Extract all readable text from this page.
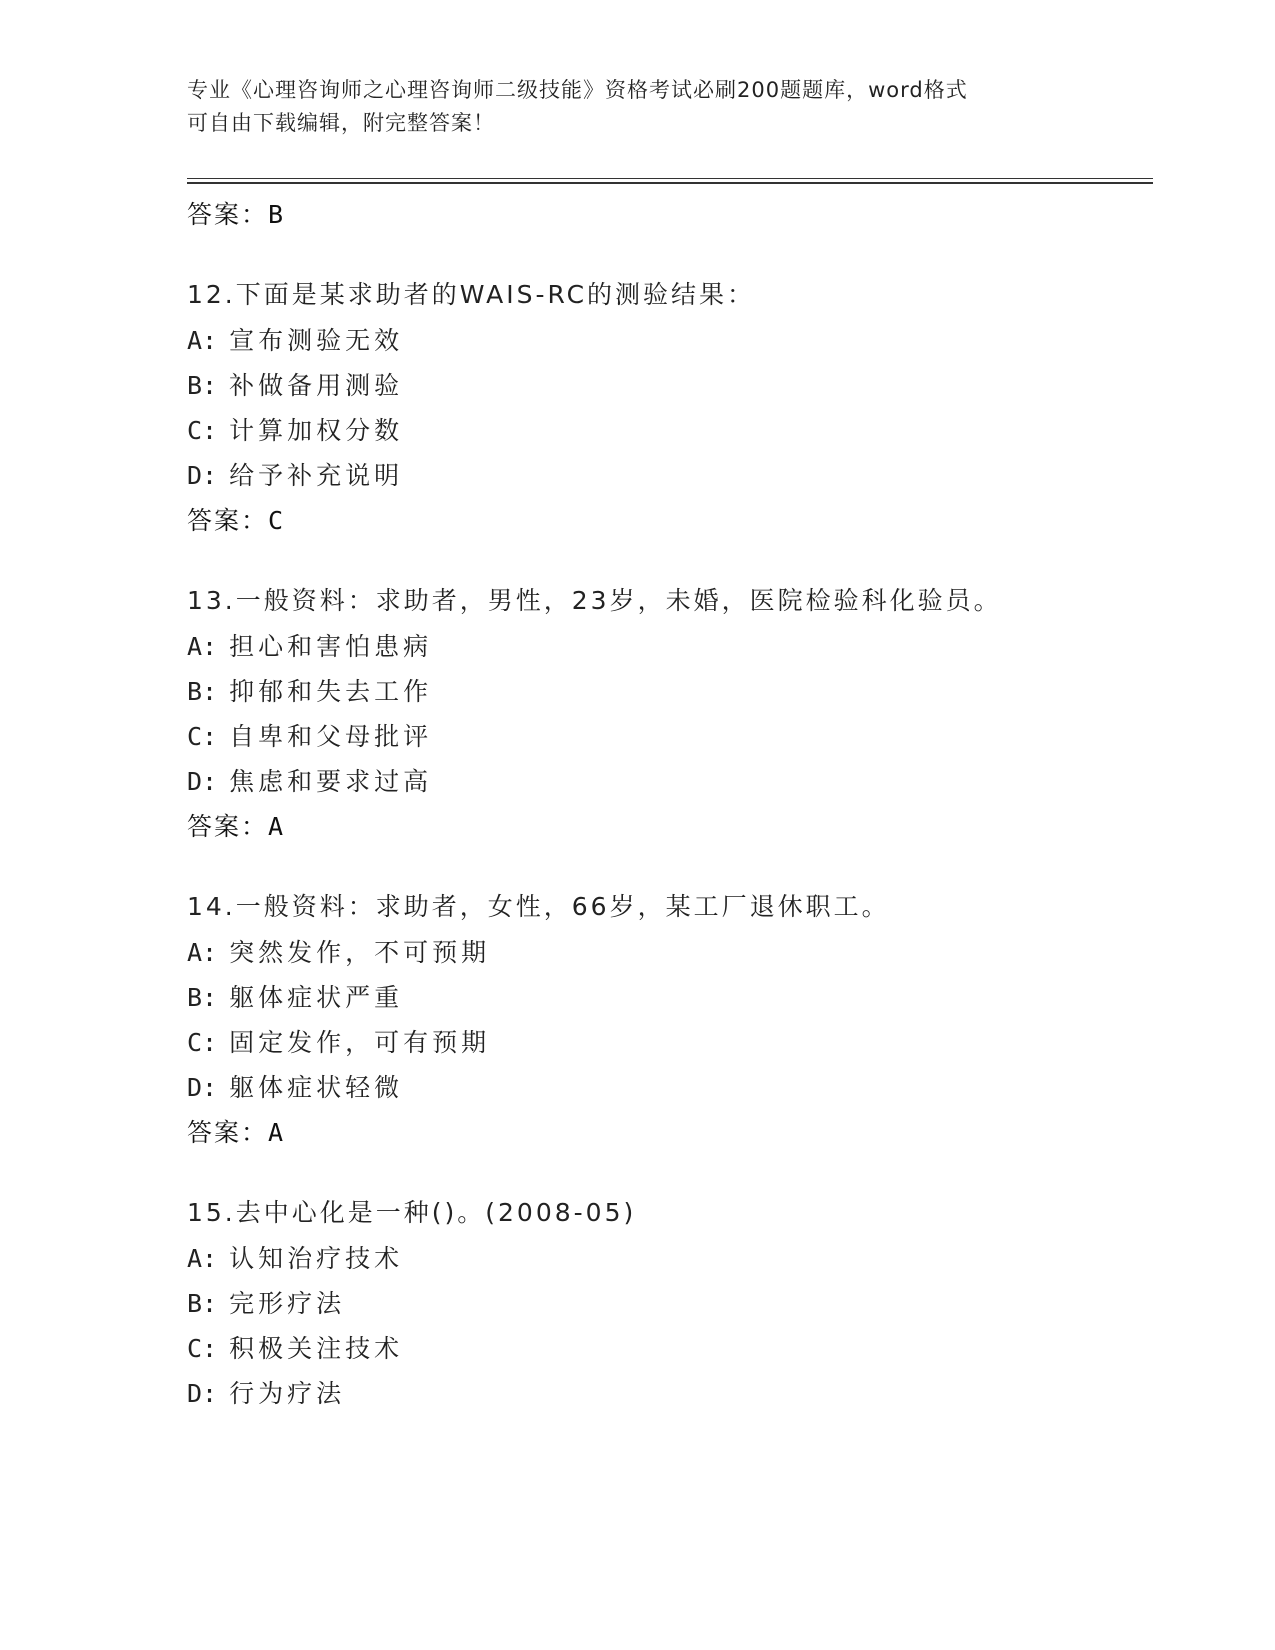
专业《心理咨询师之心理咨询师二级技能》资格考试必刷200题题库，word格式
可自由下载编辑，附完整答案！
答案：B
12.下面是某求助者的WAIS-RC的测验结果：
A: 宣布测验无效
B: 补做备用测验
C: 计算加权分数
D: 给予补充说明
答案：C
13.一般资料：求助者，男性，23岁，未婚，医院检验科化验员。
A: 担心和害怕患病
B: 抑郁和失去工作
C: 自卑和父母批评
D: 焦虑和要求过高
答案：A
14.一般资料：求助者，女性，66岁，某工厂退休职工。
A: 突然发作，不可预期
B: 躯体症状严重
C: 固定发作，可有预期
D: 躯体症状轻微
答案：A
15.去中心化是一种()。(2008-05)
A: 认知治疗技术
B: 完形疗法
C: 积极关注技术
D: 行为疗法
